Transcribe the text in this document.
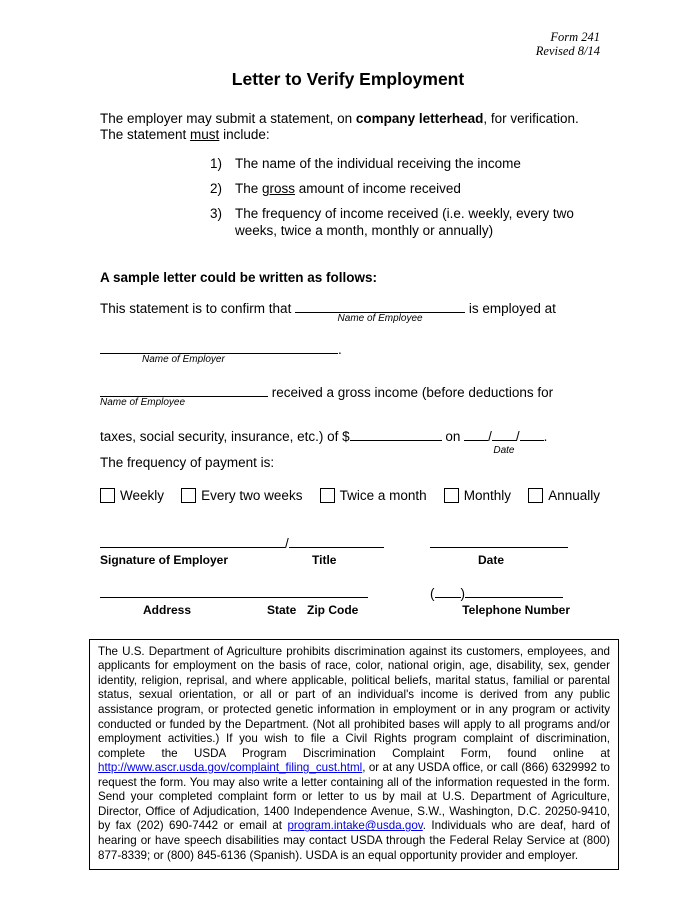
Form 241
Revised 8/14
Letter to Verify Employment

The employer may submit a statement, on company letterhead, for verification. The statement must include:

1) The name of the individual receiving the income
2) The gross amount of income received
3) The frequency of income received (i.e. weekly, every two weeks, twice a month, monthly or annually)
A sample letter could be written as follows:

This statement is to confirm that
Name of Employee
is employed at

Name of Employer
.

Name of Employee
received a gross income (before deductions for

taxes, social security, insurance, etc.) of $	on / /
Date
.

The frequency of payment is:
Weekly	Every two weeks	Twice a month	Monthly	Annually
/
Signature of Employer	Title	Date
Address	State Zip Code
( )
Telephone Number
The U.S. Department of Agriculture prohibits discrimination against its customers, employees, and applicants for employment on the basis of race, color, national origin, age, disability, sex, gender identity, religion, reprisal, and where applicable, political beliefs, marital status, familial or parental status, sexual orientation, or all or part of an individual's income is derived from any public assistance program, or protected genetic information in employment or in any program or activity conducted or funded by the Department. (Not all prohibited bases will apply to all programs and/or employment activities.) If you wish to file a Civil Rights program complaint of discrimination, complete the USDA Program Discrimination Complaint Form, found online at http://www.ascr.usda.gov/complaint_filing_cust.html, or at any USDA office, or call (866) 6329992 to request the form. You may also write a letter containing all of the information requested in the form. Send your completed complaint form or letter to us by mail at U.S. Department of Agriculture, Director, Office of Adjudication, 1400 Independence Avenue, S.W., Washington, D.C. 20250-9410, by fax (202) 690-7442 or email at program.intake@usda.gov. Individuals who are deaf, hard of hearing or have speech disabilities may contact USDA through the Federal Relay Service at (800) 877-8339; or (800) 845-6136 (Spanish). USDA is an equal opportunity provider and employer.
